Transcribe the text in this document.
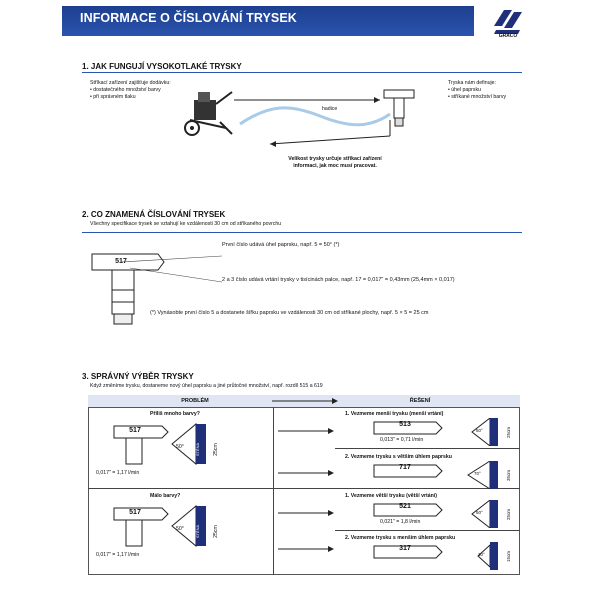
INFORMACE O ČÍSLOVÁNÍ TRYSEK
GRACO
1. JAK FUNGUJÍ VYSOKOTLAKÉ TRYSKY
Stříkací zařízení zajišťuje dodávku:
• dostatečného množství barvy
• při správném tlaku
hadice
Tryska nám definuje:
• úhel paprsku
• stříkané množství barvy
Velikost trysky určuje stříkací zařízení
informaci, jak moc musí pracovat.
2. CO ZNAMENÁ ČÍSLOVÁNÍ TRYSEK
Všechny specifikace trysek se vztahují ke vzdálenosti 30 cm od stříkaného povrchu
517
První číslo udává úhel paprsku, např. 5 = 50° (*)
2 a 3 číslo udává vrtání trysky v tisícinách palce, např. 17 = 0,017" = 0,43mm (25,4mm × 0,017)
(*) Vynásobte první číslo 5 a dostanete šířku paprsku ve vzdálenosti 30 cm od stříkané plochy, např. 5 × 5 = 25 cm
3. SPRÁVNÝ VÝBĚR TRYSKY
Když změníme trysku, dostaneme nový úhel paprsku a jiné průtočné množství, např. rozdíl 515 a 619
PROBLÉM	ŘEŠENÍ
Příliš mnoho barvy?
517
50°	25cm
STĚNA
0,017" = 1,17 l/min
Málo barvy?
517
50°	25cm
STĚNA
0,017" = 1,17 l/min
1. Vezmeme menší trysku (menší vrtání)
513
0,013" = 0,71 l/min
50°	25cm
2. Vezmeme trysku s větším úhlem paprsku
717
70°	35cm
1. Vezmeme větší trysku (větší vrtání)
521
0,021" = 1,8 l/min
50°	25cm
2. Vezmeme trysku s menším úhlem paprsku
317
30°	15cm
